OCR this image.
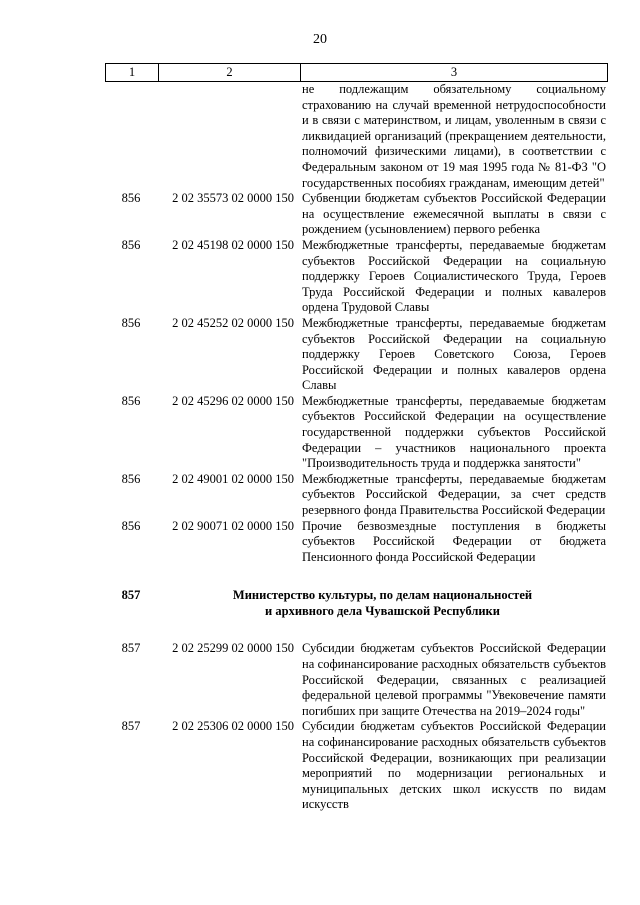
20
1	2	3
не подлежащим обязательному социальному страхованию на случай временной нетрудоспособности и в связи с материнством, и лицам, уволенным в связи с ликвидацией организаций (прекращением деятельности, полномочий физическими лицами), в соответствии с Федеральным законом от 19 мая 1995 года № 81-ФЗ "О государственных пособиях гражданам, имеющим детей"
856	2 02 35573 02 0000 150 Субвенции бюджетам субъектов Российской Федерации на осуществление ежемесячной выплаты в связи с рождением (усыновлением) первого ребенка
856	2 02 45198 02 0000 150 Межбюджетные трансферты, передаваемые бюджетам субъектов Российской Федерации на социальную поддержку Героев Социалистического Труда, Героев Труда Российской Федерации и полных кавалеров ордена Трудовой Славы
856	2 02 45252 02 0000 150 Межбюджетные трансферты, передаваемые бюджетам субъектов Российской Федерации на социальную поддержку Героев Советского Союза, Героев Российской Федерации и полных кавалеров ордена Славы
856	2 02 45296 02 0000 150 Межбюджетные трансферты, передаваемые бюджетам субъектов Российской Федерации на осуществление государственной поддержки субъектов Российской Федерации – участников национального проекта "Производительность труда и поддержка занятости"
856	2 02 49001 02 0000 150 Межбюджетные трансферты, передаваемые бюджетам субъектов Российской Федерации, за счет средств резервного фонда Правительства Российской Федерации
856	2 02 90071 02 0000 150 Прочие безвозмездные поступления в бюджеты субъектов Российской Федерации от бюджета Пенсионного фонда Российской Федерации
857	Министерство культуры, по делам национальностей
и архивного дела Чувашской Республики
857	2 02 25299 02 0000 150 Субсидии бюджетам субъектов Российской Федерации на софинансирование расходных обязательств субъектов Российской Федерации, связанных с реализацией федеральной целевой программы "Увековечение памяти погибших при защите Отечества на 2019–2024 годы"
857	2 02 25306 02 0000 150 Субсидии бюджетам субъектов Российской Федерации на софинансирование расходных обязательств субъектов Российской Федерации, возникающих при реализации мероприятий по модернизации региональных и муниципальных детских школ искусств по видам искусств
